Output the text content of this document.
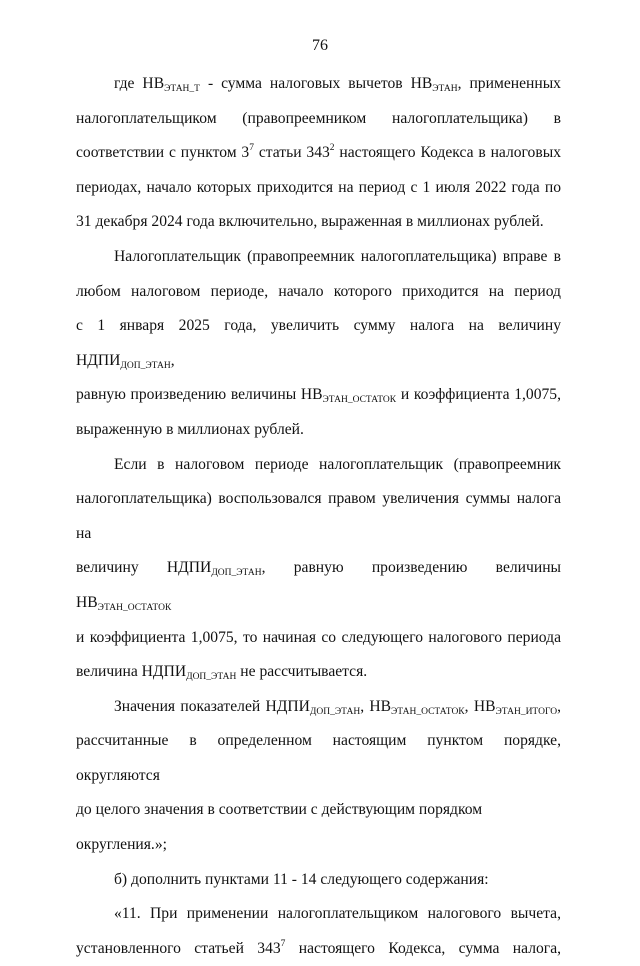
76
где $НВ_{ЭТАН\_Т}$ - сумма налоговых вычетов $НВ_{ЭТАН}$, примененных
налогоплательщиком (правопреемником налогоплательщика) в
соответствии с пунктом $3^7$ статьи $343^2$ настоящего Кодекса в налоговых
периодах, начало которых приходится на период с 1 июля 2022 года по
31 декабря 2024 года включительно, выраженная в миллионах рублей.
Налогоплательщик (правопреемник налогоплательщика) вправе в
любом налоговом периоде, начало которого приходится на период
с 1 января 2025 года, увеличить сумму налога на величину $НДПИ_{ДОП\_ЭТАН}$,
равную произведению величины $НВ_{ЭТАН\_ОСТАТОК}$ и коэффициента 1,0075,
выраженную в миллионах рублей.
Если в налоговом периоде налогоплательщик (правопреемник
налогоплательщика) воспользовался правом увеличения суммы налога на
величину $НДПИ_{ДОП\_ЭТАН}$, равную произведению величины $НВ_{ЭТАН\_ОСТАТОК}$
и коэффициента 1,0075, то начиная со следующего налогового периода
величина $НДПИ_{ДОП\_ЭТАН}$ не рассчитывается.
Значения показателей $НДПИ_{ДОП\_ЭТАН}$, $НВ_{ЭТАН\_ОСТАТОК}$, $НВ_{ЭТАН\_ИТОГО}$,
рассчитанные в определенном настоящим пунктом порядке, округляются
до целого значения в соответствии с действующим порядком округления.»;
б) дополнить пунктами 11 - 14 следующего содержания:
«11. При применении налогоплательщиком налогового вычета,
установленного статьей $343^7$ настоящего Кодекса, сумма налога,
